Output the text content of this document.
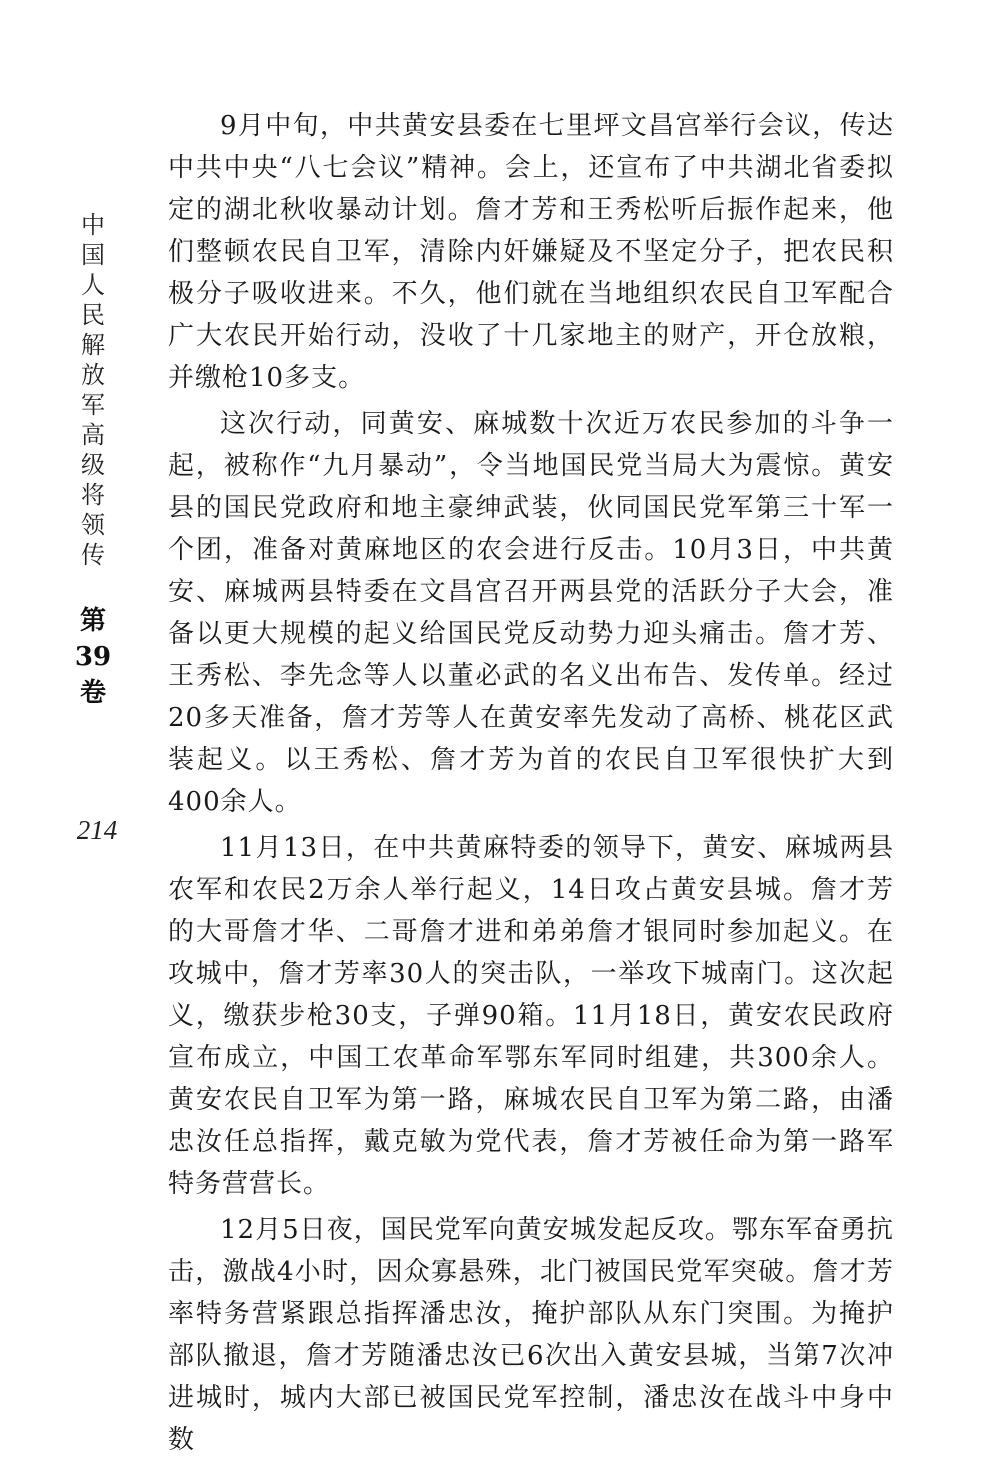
中国人民解放军高级将领传
第
39
卷
214

9月中旬，中共黄安县委在七里坪文昌宫举行会议，传达中共中央“八七会议”精神。会上，还宣布了中共湖北省委拟定的湖北秋收暴动计划。詹才芳和王秀松听后振作起来，他们整顿农民自卫军，清除内奸嫌疑及不坚定分子，把农民积极分子吸收进来。不久，他们就在当地组织农民自卫军配合广大农民开始行动，没收了十几家地主的财产，开仓放粮，并缴枪10多支。

这次行动，同黄安、麻城数十次近万农民参加的斗争一起，被称作“九月暴动”，令当地国民党当局大为震惊。黄安县的国民党政府和地主豪绅武装，伙同国民党军第三十军一个团，准备对黄麻地区的农会进行反击。10月3日，中共黄安、麻城两县特委在文昌宫召开两县党的活跃分子大会，准备以更大规模的起义给国民党反动势力迎头痛击。詹才芳、王秀松、李先念等人以董必武的名义出布告、发传单。经过20多天准备，詹才芳等人在黄安率先发动了高桥、桃花区武装起义。以王秀松、詹才芳为首的农民自卫军很快扩大到400余人。

11月13日，在中共黄麻特委的领导下，黄安、麻城两县农军和农民2万余人举行起义，14日攻占黄安县城。詹才芳的大哥詹才华、二哥詹才进和弟弟詹才银同时参加起义。在攻城中，詹才芳率30人的突击队，一举攻下城南门。这次起义，缴获步枪30支，子弹90箱。11月18日，黄安农民政府宣布成立，中国工农革命军鄂东军同时组建，共300余人。黄安农民自卫军为第一路，麻城农民自卫军为第二路，由潘忠汝任总指挥，戴克敏为党代表，詹才芳被任命为第一路军特务营营长。

12月5日夜，国民党军向黄安城发起反攻。鄂东军奋勇抗击，激战4小时，因众寡悬殊，北门被国民党军突破。詹才芳率特务营紧跟总指挥潘忠汝，掩护部队从东门突围。为掩护部队撤退，詹才芳随潘忠汝已6次出入黄安县城，当第7次冲进城时，城内大部已被国民党军控制，潘忠汝在战斗中身中数
